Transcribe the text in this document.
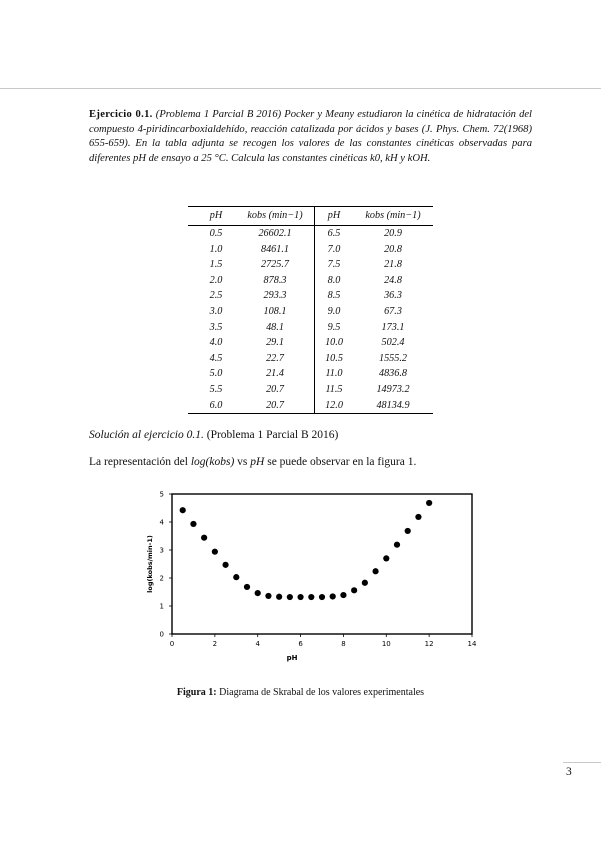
Ejercicio 0.1. (Problema 1 Parcial B 2016) Pocker y Meany estudiaron la cinética de hidratación del compuesto 4-piridincarboxialdehído, reacción catalizada por ácidos y bases (J. Phys. Chem. 72(1968) 655-659). En la tabla adjunta se recogen los valores de las constantes cinéticas observadas para diferentes pH de ensayo a 25 °C. Calcula las constantes cinéticas k0, kH y kOH.
pH	kobs (min−1)	pH	kobs (min−1)
0.5	26602.1	6.5	20.9
1.0	8461.1	7.0	20.8
1.5	2725.7	7.5	21.8
2.0	878.3	8.0	24.8
2.5	293.3	8.5	36.3
3.0	108.1	9.0	67.3
3.5	48.1	9.5	173.1
4.0	29.1	10.0	502.4
4.5	22.7	10.5	1555.2
5.0	21.4	11.0	4836.8
5.5	20.7	11.5	14973.2
6.0	20.7	12.0	48134.9
Solución al ejercicio 0.1. (Problema 1 Parcial B 2016)
La representación del log(kobs) vs pH se puede observar en la figura 1.
0	2	4	6	8	10	12	14
0
1
2
3
4
5
pH
log(kobs/min-1)
Figura 1: Diagrama de Skrabal de los valores experimentales
3
